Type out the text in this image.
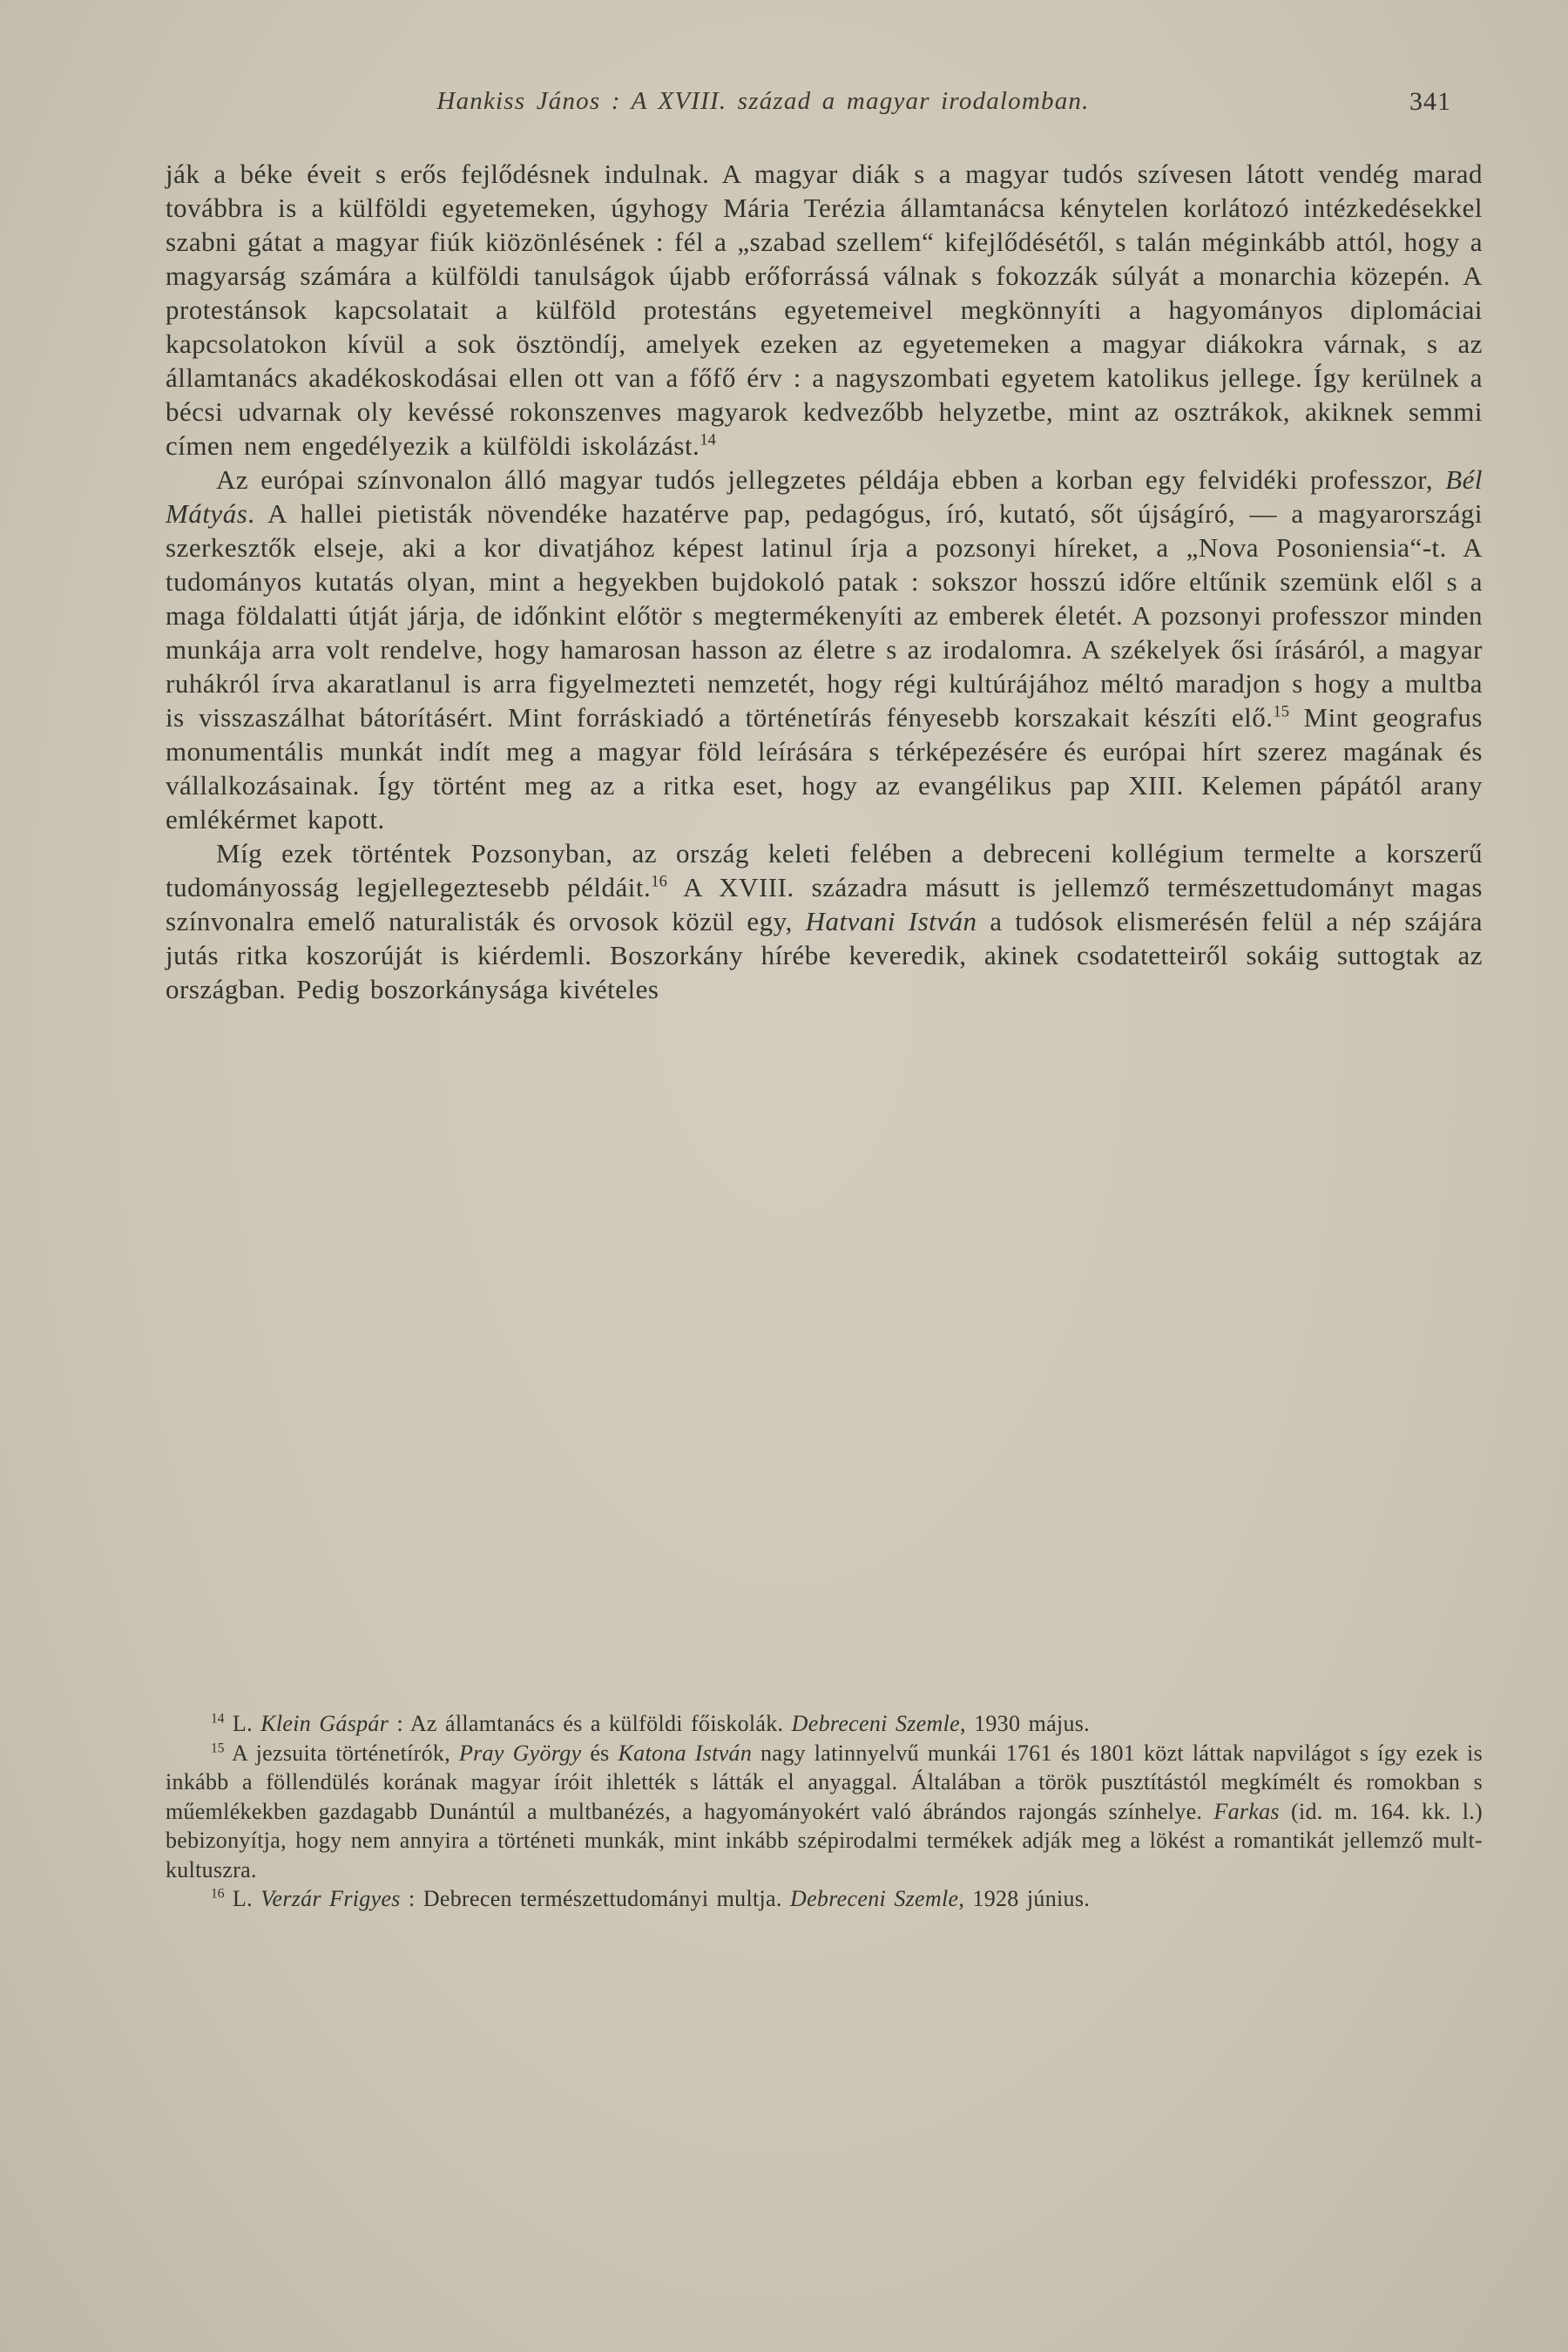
Hankiss János : A XVIII. század a magyar irodalomban.	341

ják a béke éveit s erős fejlődésnek indulnak. A magyar diák s a magyar tudós szívesen látott vendég marad továbbra is a külföldi egyetemeken, úgyhogy Mária Terézia államtanácsa kénytelen korlátozó intézkedésekkel szabni gátat a magyar fiúk kiözönlésének : fél a „szabad szellem“ kifejlődésétől, s talán méginkább attól, hogy a magyarság számára a külföldi tanulságok újabb erőforrássá válnak s fokozzák súlyát a monarchia közepén. A protestánsok kapcsolatait a külföld protestáns egyetemeivel megkönnyíti a hagyományos diplomáciai kapcsolatokon kívül a sok ösztöndíj, amelyek ezeken az egyetemeken a magyar diákokra várnak, s az államtanács akadékoskodásai ellen ott van a főfő érv : a nagyszombati egyetem katolikus jellege. Így kerülnek a bécsi udvarnak oly kevéssé rokonszenves magyarok kedvezőbb helyzetbe, mint az osztrákok, akiknek semmi címen nem engedélyezik a külföldi iskolázást.$^{14}$

Az európai színvonalon álló magyar tudós jellegzetes példája ebben a korban egy felvidéki professzor, Bél Mátyás. A hallei pietisták növendéke hazatérve pap, pedagógus, író, kutató, sőt újságíró, — a magyarországi szerkesztők elseje, aki a kor divatjához képest latinul írja a pozsonyi híreket, a „Nova Posoniensia“-t. A tudományos kutatás olyan, mint a hegyekben bujdokoló patak : sokszor hosszú időre eltűnik szemünk elől s a maga földalatti útját járja, de időnkint előtör s megtermékenyíti az emberek életét. A pozsonyi professzor minden munkája arra volt rendelve, hogy hamarosan hasson az életre s az irodalomra. A székelyek ősi írásáról, a magyar ruhákról írva akaratlanul is arra figyelmezteti nemzetét, hogy régi kultúrájához méltó maradjon s hogy a multba is visszaszálhat bátorításért. Mint forráskiadó a történetírás fényesebb korszakait készíti elő.$^{15}$ Mint geografus monumentális munkát indít meg a magyar föld leírására s térképezésére és európai hírt szerez magának és vállalkozásainak. Így történt meg az a ritka eset, hogy az evangélikus pap XIII. Kelemen pápától arany emlékérmet kapott.

Míg ezek történtek Pozsonyban, az ország keleti felében a debreceni kollégium termelte a korszerű tudományosság legjellegeztesebb példáit.$^{16}$ A XVIII. századra másutt is jellemző természettudományt magas színvonalra emelő naturalisták és orvosok közül egy, Hatvani István a tudósok elismerésén felül a nép szájára jutás ritka koszorúját is kiérdemli. Boszorkány hírébe keveredik, akinek csodatetteiről sokáig suttogtak az országban. Pedig boszorkánysága kivételes

$^{14}$ L. Klein Gáspár : Az államtanács és a külföldi főiskolák. Debreceni Szemle, 1930 május.

$^{15}$ A jezsuita történetírók, Pray György és Katona István nagy latinnyelvű munkái 1761 és 1801 közt láttak napvilágot s így ezek is inkább a föllendülés korának magyar íróit ihlették s látták el anyaggal. Általában a török pusztítástól megkímélt és romokban s műemlékekben gazdagabb Dunántúl a multbanézés, a hagyományokért való ábrándos rajongás színhelye. Farkas (id. m. 164. kk. l.) bebizonyítja, hogy nem annyira a történeti munkák, mint inkább szépirodalmi termékek adják meg a lökést a romantikát jellemző mult-kultuszra.

$^{16}$ L. Verzár Frigyes : Debrecen természettudományi multja. Debreceni Szemle, 1928 június.
